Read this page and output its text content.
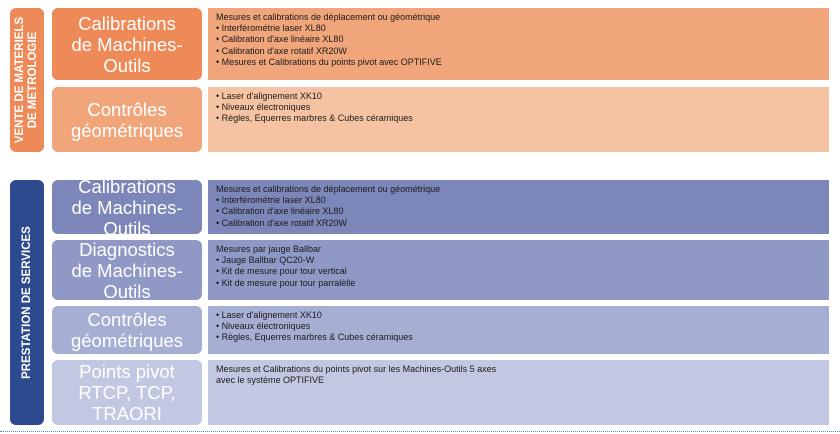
VENTE DE MATERIELS DE METROLOGIE
Calibrations
de Machines-Outils
Mesures et calibrations de déplacement ou géométrique
• Interférométrie laser XL80
• Calibration d'axe linéaire XL80
• Calibration d'axe rotatif XR20W
• Mesures et Calibrations du points pivot avec OPTIFIVE
Contrôles
géométriques
• Laser d'alignement XK10
• Niveaux électroniques
• Règles, Equerres marbres & Cubes céramiques
PRESTATION DE SERVICES
Calibrations
de Machines-Outils
Mesures et calibrations de déplacement ou géométrique
• Interférométrie laser XL80
• Calibration d'axe linéaire XL80
• Calibration d'axe rotatif XR20W
Diagnostics
de Machines-Outils
Mesures par jauge Ballbar
• Jauge Ballbar QC20-W
• Kit de mesure pour tour vertical
• Kit de mesure pour tour parralèlle
Contrôles
géométriques
• Laser d'alignement XK10
• Niveaux électroniques
• Règles, Equerres marbres & Cubes céramiques
Points pivot
RTCP, TCP,
TRAORI
Mesures et Calibrations du points pivot sur les Machines-Outils 5 axes
avec le système OPTIFIVE
